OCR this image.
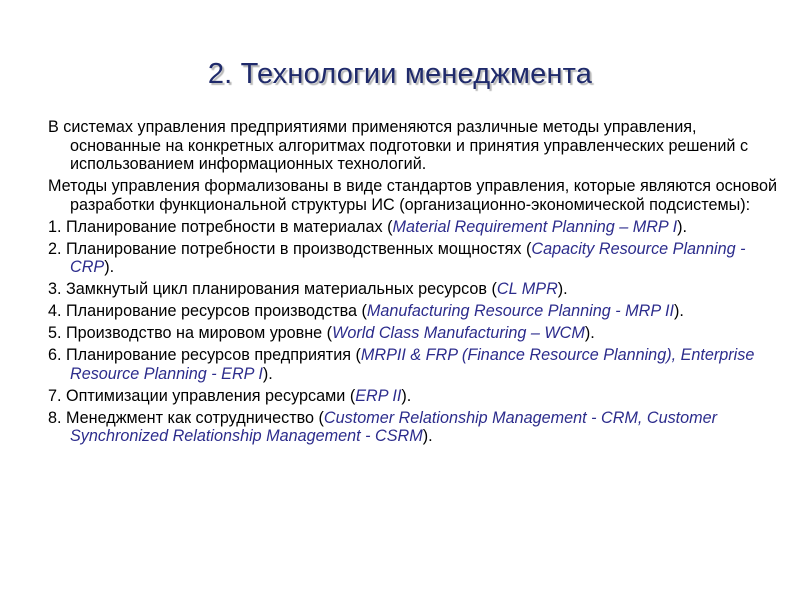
2. Технологии менеджмента

В системах управления предприятиями применяются различные методы управления, основанные на конкретных алгоритмах подготовки и принятия управленческих решений с использованием информационных технологий.

Методы управления формализованы в виде стандартов управления, которые являются основой разработки функциональной структуры ИС (организационно-экономической подсистемы):

1. Планирование потребности в материалах (Material Requirement Planning – MRP I).

2. Планирование потребности в производственных мощностях (Capacity Resource Planning - CRP).

3. Замкнутый цикл планирования материальных ресурсов (CL MPR).

4. Планирование ресурсов производства (Manufacturing Resource Planning - MRP II).

5. Производство на мировом уровне (World Class Manufacturing – WCM).

6. Планирование ресурсов предприятия (MRPII & FRP (Finance Resource Planning), Enterprise Resource Planning - ERP I).

7. Оптимизации управления ресурсами (ERP II).

8. Менеджмент как сотрудничество (Customer Relationship Management - CRM, Customer Synchronized Relationship Management - CSRM).
